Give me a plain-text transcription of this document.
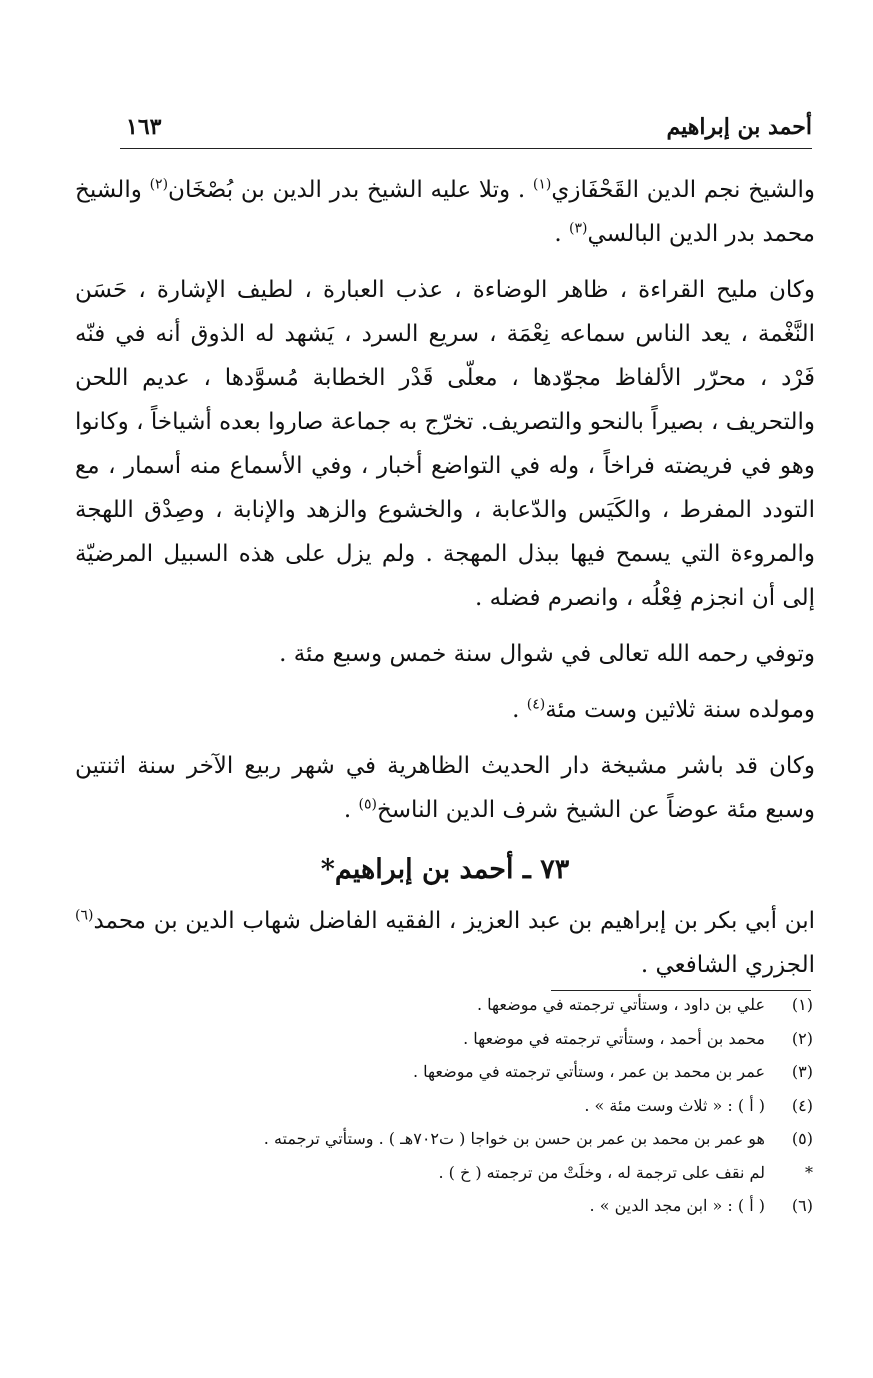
أحمد بن إبراهيم
١٦٣

والشيخ نجم الدين القَحْفَازي$^{(١)}$ . وتلا عليه الشيخ بدر الدين بن بُصْخَان$^{(٢)}$ والشيخ محمد بدر الدين البالسي$^{(٣)}$ .

وكان مليح القراءة ، ظاهر الوضاءة ، عذب العبارة ، لطيف الإشارة ، حَسَن النَّغْمة ، يعد الناس سماعه نِعْمَة ، سريع السرد ، يَشهد له الذوق أنه في فنّه فَرْد ، محرّر الألفاظ مجوّدها ، معلّى قَدْر الخطابة مُسوَّدها ، عديم اللحن والتحريف ، بصيراً بالنحو والتصريف. تخرّج به جماعة صاروا بعده أشياخاً ، وكانوا وهو في فريضته فراخاً ، وله في التواضع أخبار ، وفي الأسماع منه أسمار ، مع التودد المفرط ، والكَيَس والدّعابة ، والخشوع والزهد والإنابة ، وصِدْق اللهجة والمروءة التي يسمح فيها ببذل المهجة . ولم يزل على هذه السبيل المرضيّة إلى أن انجزم فِعْلُه ، وانصرم فضله .

وتوفي رحمه الله تعالى في شوال سنة خمس وسبع مئة .

ومولده سنة ثلاثين وست مئة$^{(٤)}$ .

وكان قد باشر مشيخة دار الحديث الظاهرية في شهر ربيع الآخر سنة اثنتين وسبع مئة عوضاً عن الشيخ شرف الدين الناسخ$^{(٥)}$ .

٧٣ ـ أحمد بن إبراهيم*

ابن أبي بكر بن إبراهيم بن عبد العزيز ، الفقيه الفاضل شهاب الدين بن محمد$^{(٦)}$ الجزري الشافعي .

(١)
علي بن داود ، وستأتي ترجمته في موضعها .
(٢)
محمد بن أحمد ، وستأتي ترجمته في موضعها .
(٣)
عمر بن محمد بن عمر ، وستأتي ترجمته في موضعها .
(٤)
( أ ) : « ثلاث وست مئة » .
(٥)
هو عمر بن محمد بن عمر بن حسن بن خواجا ( ت٧٠٢هـ ) . وستأتي ترجمته .
*
لم نقف على ترجمة له ، وخلَتْ من ترجمته ( خ ) .
(٦)
( أ ) : « ابن مجد الدين » .
